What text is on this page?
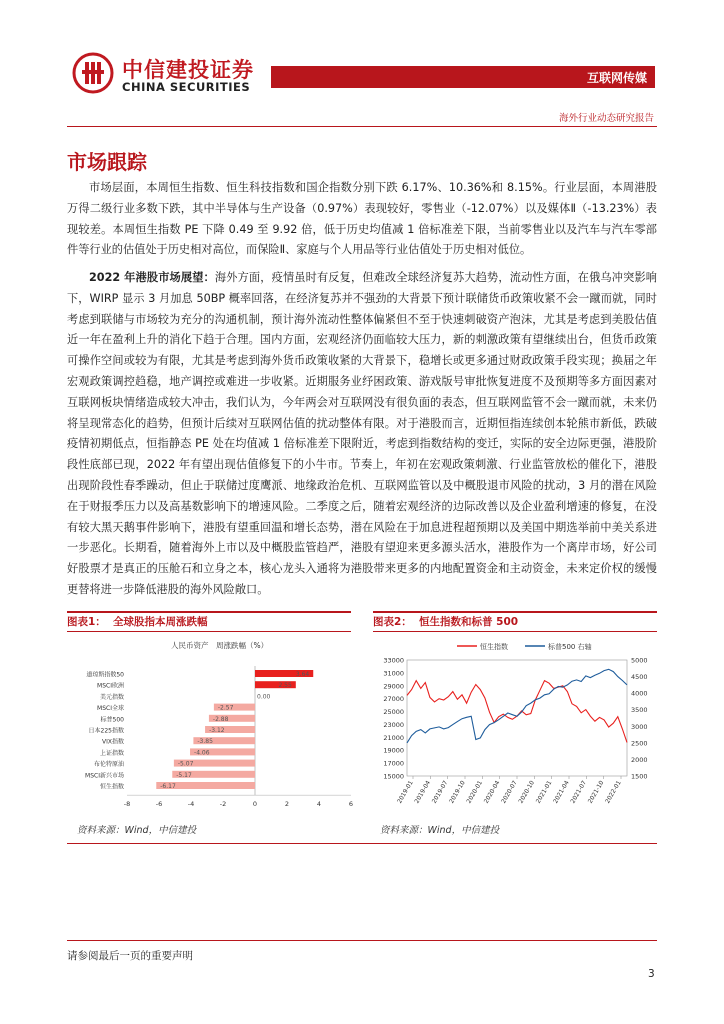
中信建投证券
CHINA SECURITIES
互联网传媒
海外行业动态研究报告
市场跟踪

市场层面，本周恒生指数、恒生科技指数和国企指数分别下跌 6.17%、10.36%和 8.15%。行业层面，本周港股万得二级行业多数下跌，其中半导体与生产设备（0.97%）表现较好，零售业（-12.07%）以及媒体Ⅱ（-13.23%）表现较差。本周恒生指数 PE 下降 0.49 至 9.92 倍，低于历史均值减 1 倍标准差下限，当前零售业以及汽车与汽车零部件等行业的估值处于历史相对高位，而保险Ⅱ、家庭与个人用品等行业估值处于历史相对低位。

2022 年港股市场展望：海外方面，疫情虽时有反复，但难改全球经济复苏大趋势，流动性方面，在俄乌冲突影响下，WIRP 显示 3 月加息 50BP 概率回落，在经济复苏并不强劲的大背景下预计联储货币政策收紧不会一蹴而就，同时考虑到联储与市场较为充分的沟通机制，预计海外流动性整体偏紧但不至于快速刺破资产泡沫，尤其是考虑到美股估值近一年在盈利上升的消化下趋于合理。国内方面，宏观经济仍面临较大压力，新的刺激政策有望继续出台，但货币政策可操作空间或较为有限，尤其是考虑到海外货币政策收紧的大背景下，稳增长或更多通过财政政策手段实现；换届之年宏观政策调控趋稳，地产调控或难进一步收紧。近期服务业纾困政策、游戏版号审批恢复进度不及预期等多方面因素对互联网板块情绪造成较大冲击，我们认为，今年两会对互联网没有很负面的表态，但互联网监管不会一蹴而就，未来仍将呈现常态化的趋势，但预计后续对互联网估值的扰动整体有限。对于港股而言，近期恒指连续创本轮熊市新低，跌破疫情初期低点，恒指静态 PE 处在均值减 1 倍标准差下限附近，考虑到指数结构的变迁，实际的安全边际更强，港股阶段性底部已现，2022 年有望出现估值修复下的小牛市。节奏上，年初在宏观政策刺激、行业监管放松的催化下，港股出现阶段性春季躁动，但止于联储过度鹰派、地缘政治危机、互联网监管以及中概股退市风险的扰动，3 月的潜在风险在于财报季压力以及高基数影响下的增速风险。二季度之后，随着宏观经济的边际改善以及企业盈利增速的修复，在没有较大黑天鹅事件影响下，港股有望重回温和增长态势，潜在风险在于加息进程超预期以及美国中期选举前中美关系进一步恶化。长期看，随着海外上市以及中概股监管趋严，港股有望迎来更多源头活水，港股作为一个离岸市场，好公司好股票才是真正的压舱石和立身之本，核心龙头入通将为港股带来更多的内地配置资金和主动资金，未来定价权的缓慢更替将进一步降低港股的海外风险敞口。

图表1： 全球股指本周涨跌幅	图表2： 恒生指数和标普 500
人民币资产　周涨跌幅（%）
道琼斯指数50	3.64
MSCI欧洲	2.55
美元指数	0.00
MSCI全球	-2.57
标普500	-2.88
日本225指数	-3.12
VIX指数	-3.85
上证指数	-4.06
布伦特原油	-5.07
MSCI新兴市场	-5.17
恒生指数	-6.17
-8	-6	-4	-2	0	2	4	6
恒生指数	标普500 右轴
15000
17000
19000
21000
23000
25000
27000
29000
31000
33000
1500
2000
2500
3000
3500
4000
4500
5000
2019-01
2019-04
2019-07
2019-10
2020-01
2020-04
2020-07
2020-10
2021-01
2021-04
2021-07
2021-10
2022-01
资料来源：Wind，中信建投	资料来源：Wind，中信建投
请参阅最后一页的重要声明
3
